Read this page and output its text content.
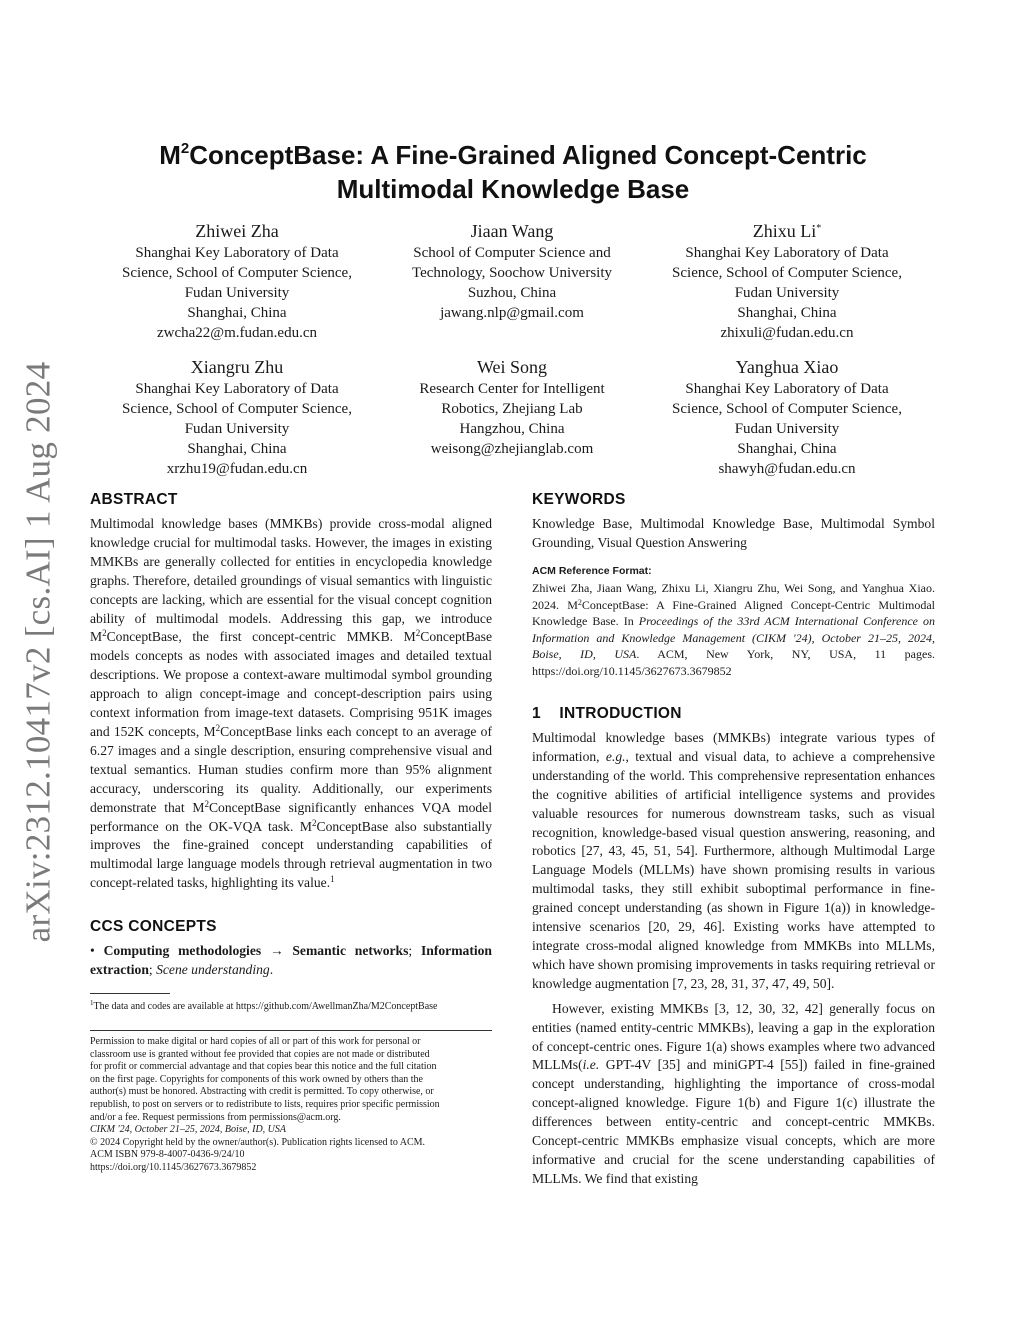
arXiv:2312.10417v2 [cs.AI] 1 Aug 2024
$M^2ConceptBase$: A Fine-Grained Aligned Concept-Centric
Multimodal Knowledge Base
Zhiwei Zha
Shanghai Key Laboratory of Data
Science, School of Computer Science,
Fudan University
Shanghai, China
zwcha22@m.fudan.edu.cn
Jiaan Wang
School of Computer Science and
Technology, Soochow University
Suzhou, China
jawang.nlp@gmail.com
Zhixu Li*
Shanghai Key Laboratory of Data
Science, School of Computer Science,
Fudan University
Shanghai, China
zhixuli@fudan.edu.cn
Xiangru Zhu
Shanghai Key Laboratory of Data
Science, School of Computer Science,
Fudan University
Shanghai, China
xrzhu19@fudan.edu.cn
Wei Song
Research Center for Intelligent
Robotics, Zhejiang Lab
Hangzhou, China
weisong@zhejianglab.com
Yanghua Xiao
Shanghai Key Laboratory of Data
Science, School of Computer Science,
Fudan University
Shanghai, China
shawyh@fudan.edu.cn
ABSTRACT

Multimodal knowledge bases (MMKBs) provide cross-modal aligned knowledge crucial for multimodal tasks. However, the images in existing MMKBs are generally collected for entities in encyclopedia knowledge graphs. Therefore, detailed groundings of visual semantics with linguistic concepts are lacking, which are essential for the visual concept cognition ability of multimodal models. Addressing this gap, we introduce $M^2ConceptBase$, the first concept-centric MMKB. $M^2ConceptBase$ models concepts as nodes with associated images and detailed textual descriptions. We propose a context-aware multimodal symbol grounding approach to align concept-image and concept-description pairs using context information from image-text datasets. Comprising 951K images and 152K concepts, $M^2ConceptBase$ links each concept to an average of 6.27 images and a single description, ensuring comprehensive visual and textual semantics. Human studies confirm more than 95% alignment accuracy, underscoring its quality. Additionally, our experiments demonstrate that $M^2ConceptBase$ significantly enhances VQA model performance on the OK-VQA task. $M^2ConceptBase$ also substantially improves the fine-grained concept understanding capabilities of multimodal large language models through retrieval augmentation in two concept-related tasks, highlighting its value.$^1$

CCS CONCEPTS

• Computing methodologies → Semantic networks; Information extraction; Scene understanding.

$^1$The data and codes are available at https://github.com/AwellmanZha/M2ConceptBase
Permission to make digital or hard copies of all or part of this work for personal or
classroom use is granted without fee provided that copies are not made or distributed
for profit or commercial advantage and that copies bear this notice and the full citation
on the first page. Copyrights for components of this work owned by others than the
author(s) must be honored. Abstracting with credit is permitted. To copy otherwise, or
republish, to post on servers or to redistribute to lists, requires prior specific permission
and/or a fee. Request permissions from permissions@acm.org.
CIKM '24, October 21–25, 2024, Boise, ID, USA
© 2024 Copyright held by the owner/author(s). Publication rights licensed to ACM.
ACM ISBN 979-8-4007-0436-9/24/10
https://doi.org/10.1145/3627673.3679852
KEYWORDS

Knowledge Base, Multimodal Knowledge Base, Multimodal Symbol Grounding, Visual Question Answering

ACM Reference Format:

Zhiwei Zha, Jiaan Wang, Zhixu Li, Xiangru Zhu, Wei Song, and Yanghua Xiao. 2024. $M^2ConceptBase$: A Fine-Grained Aligned Concept-Centric Multimodal Knowledge Base. In Proceedings of the 33rd ACM International Conference on Information and Knowledge Management (CIKM '24), October 21–25, 2024, Boise, ID, USA. ACM, New York, NY, USA, 11 pages. https://doi.org/10.1145/3627673.3679852

1    INTRODUCTION

Multimodal knowledge bases (MMKBs) integrate various types of information, e.g., textual and visual data, to achieve a comprehensive understanding of the world. This comprehensive representation enhances the cognitive abilities of artificial intelligence systems and provides valuable resources for numerous downstream tasks, such as visual recognition, knowledge-based visual question answering, reasoning, and robotics [27, 43, 45, 51, 54]. Furthermore, although Multimodal Large Language Models (MLLMs) have shown promising results in various multimodal tasks, they still exhibit suboptimal performance in fine-grained concept understanding (as shown in Figure 1(a)) in knowledge-intensive scenarios [20, 29, 46]. Existing works have attempted to integrate cross-modal aligned knowledge from MMKBs into MLLMs, which have shown promising improvements in tasks requiring retrieval or knowledge augmentation [7, 23, 28, 31, 37, 47, 49, 50].

However, existing MMKBs [3, 12, 30, 32, 42] generally focus on entities (named entity-centric MMKBs), leaving a gap in the exploration of concept-centric ones. Figure 1(a) shows examples where two advanced MLLMs(i.e. GPT-4V [35] and miniGPT-4 [55]) failed in fine-grained concept understanding, highlighting the importance of cross-modal concept-aligned knowledge. Figure 1(b) and Figure 1(c) illustrate the differences between entity-centric and concept-centric MMKBs. Concept-centric MMKBs emphasize visual concepts, which are more informative and crucial for the scene understanding capabilities of MLLMs. We find that existing
